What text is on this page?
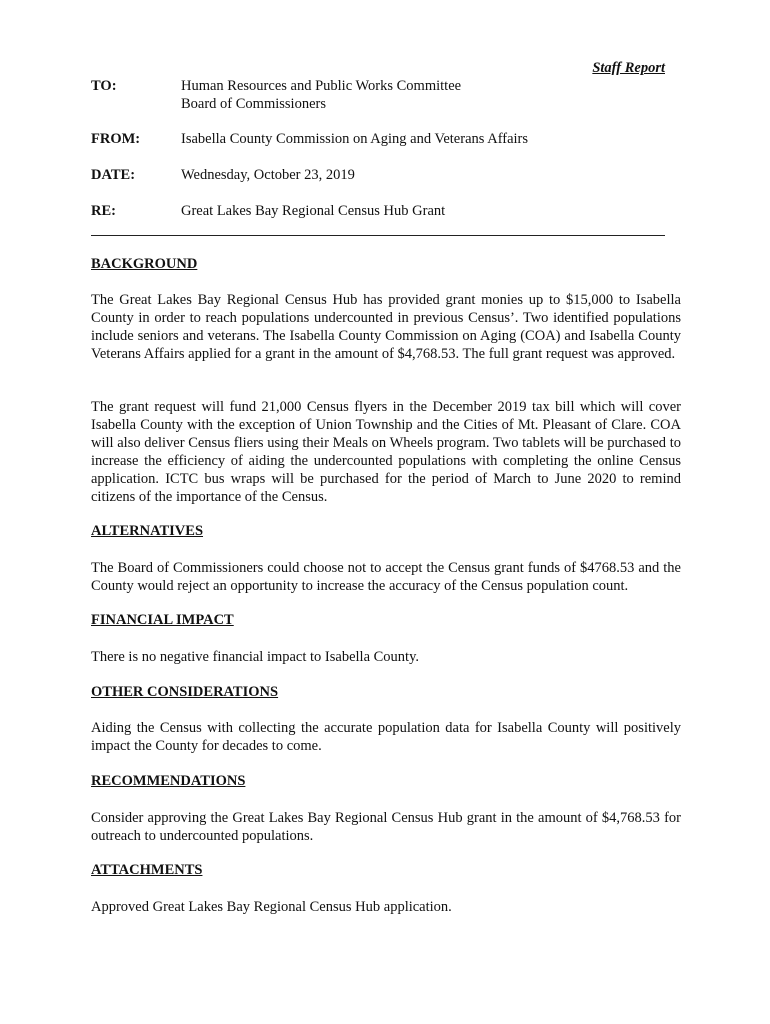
Staff Report
TO:	Human Resources and Public Works Committee
Board of Commissioners
FROM:	Isabella County Commission on Aging and Veterans Affairs
DATE:	Wednesday, October 23, 2019
RE:	Great Lakes Bay Regional Census Hub Grant
BACKGROUND
The Great Lakes Bay Regional Census Hub has provided grant monies up to $15,000 to Isabella County in order to reach populations undercounted in previous Census’. Two identified populations include seniors and veterans. The Isabella County Commission on Aging (COA) and Isabella County Veterans Affairs applied for a grant in the amount of $4,768.53. The full grant request was approved.
The grant request will fund 21,000 Census flyers in the December 2019 tax bill which will cover Isabella County with the exception of Union Township and the Cities of Mt. Pleasant of Clare. COA will also deliver Census fliers using their Meals on Wheels program. Two tablets will be purchased to increase the efficiency of aiding the undercounted populations with completing the online Census application. ICTC bus wraps will be purchased for the period of March to June 2020 to remind citizens of the importance of the Census.
ALTERNATIVES
The Board of Commissioners could choose not to accept the Census grant funds of $4768.53 and the County would reject an opportunity to increase the accuracy of the Census population count.
FINANCIAL IMPACT
There is no negative financial impact to Isabella County.
OTHER CONSIDERATIONS
Aiding the Census with collecting the accurate population data for Isabella County will positively impact the County for decades to come.
RECOMMENDATIONS
Consider approving the Great Lakes Bay Regional Census Hub grant in the amount of $4,768.53 for outreach to undercounted populations.
ATTACHMENTS
Approved Great Lakes Bay Regional Census Hub application.
